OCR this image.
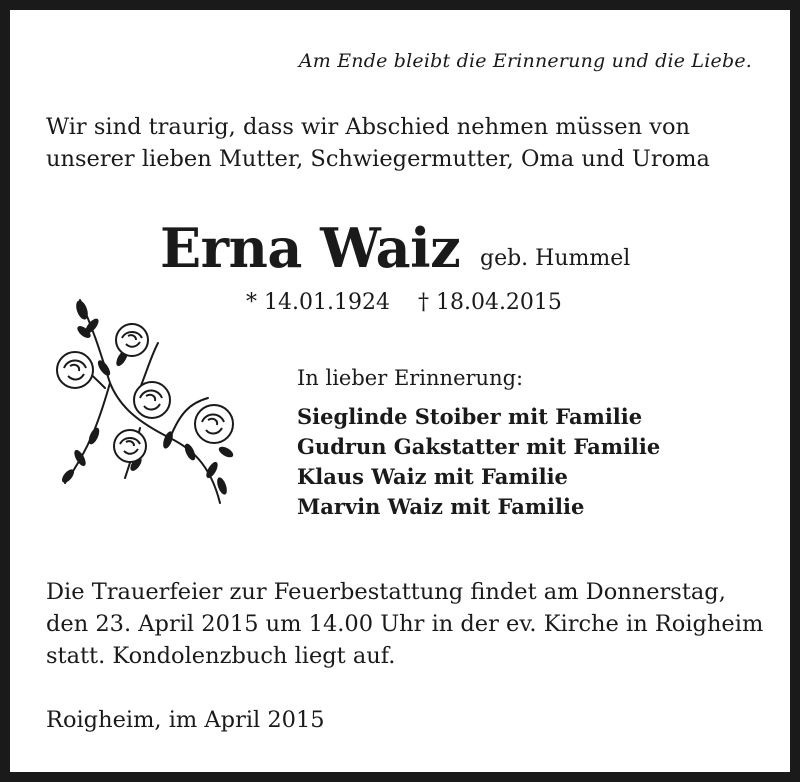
Am Ende bleibt die Erinnerung und die Liebe.
Wir sind traurig, dass wir Abschied nehmen müssen von
unserer lieben Mutter, Schwiegermutter, Oma und Uroma
Erna Waiz geb. Hummel
* 14.01.1924 † 18.04.2015
In lieber Erinnerung:
Sieglinde Stoiber mit Familie
Gudrun Gakstatter mit Familie
Klaus Waiz mit Familie
Marvin Waiz mit Familie
Die Trauerfeier zur Feuerbestattung findet am Donnerstag,
den 23. April 2015 um 14.00 Uhr in der ev. Kirche in Roigheim
statt. Kondolenzbuch liegt auf.
Roigheim, im April 2015
